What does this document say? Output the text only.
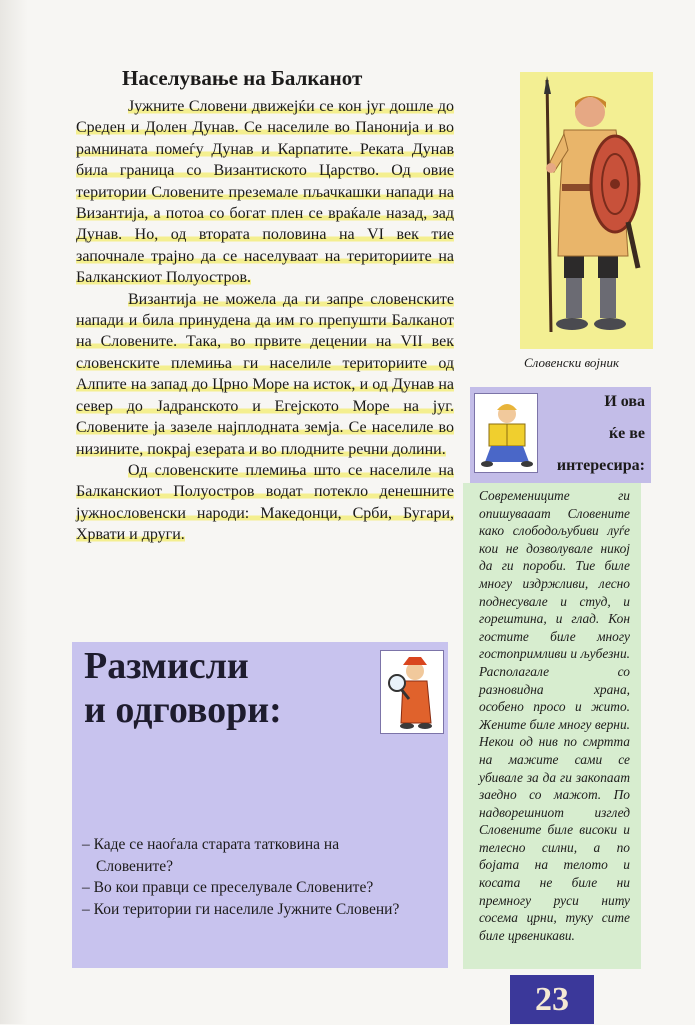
Населување на Балканот

Јужните Словени движејќи се кон југ дошле до Среден и Долен Дунав. Се населиле во Панонија и во рамнината помеѓу Дунав и Карпатите. Реката Дунав била граница со Византиското Царство. Од овие територии Словените преземале пљачкашки напади на Византија, а потоа со богат плен се враќале назад, зад Дунав. Но, од втората половина на VI век тие започнале трајно да се населуваат на териториите на Балканскиот Полуостров.

Византија не можела да ги запре словенските напади и била принудена да им го препушти Балканот на Словените. Така, во првите децении на VII век словенските племиња ги населиле териториите од Алпите на запад до Црно Море на исток, и од Дунав на север до Јадранското и Егејското Море на југ. Словените ја зазеле најплодната земја. Се населиле во низините, покрај езерата и во плодните речни долини.

Од словенските племиња што се населиле на Балканскиот Полуостров водат потекло денешните јужнословенски народи: Македонци, Срби, Бугари, Хрвати и други.

Словенски војник
И ова
ќе ве
интересира:

Современиците ги опишувааат Словените како слободољубиви луѓе кои не дозволувале никој да ги пороби. Тие биле многу издржливи, лесно поднесувале и студ, и горештина, и глад. Кон гостите биле многу гостопримливи и љубезни. Располагале со разновидна храна, особено просо и жито. Жените биле многу верни. Некои од нив по смртта на мажите сами се убивале за да ги закопаат заедно со мажот. По надворешниот изглед Словените биле високи и телесно силни, а по бојата на телото и косата не биле ни премногу руси ниту сосема црни, туку сите биле црвеникави.

Размисли
и одговори:
– Каде се наоѓала старата татковина на Словените?
– Во кои правци се преселувале Словените?
– Кои територии ги населиле Јужните Словени?
23
